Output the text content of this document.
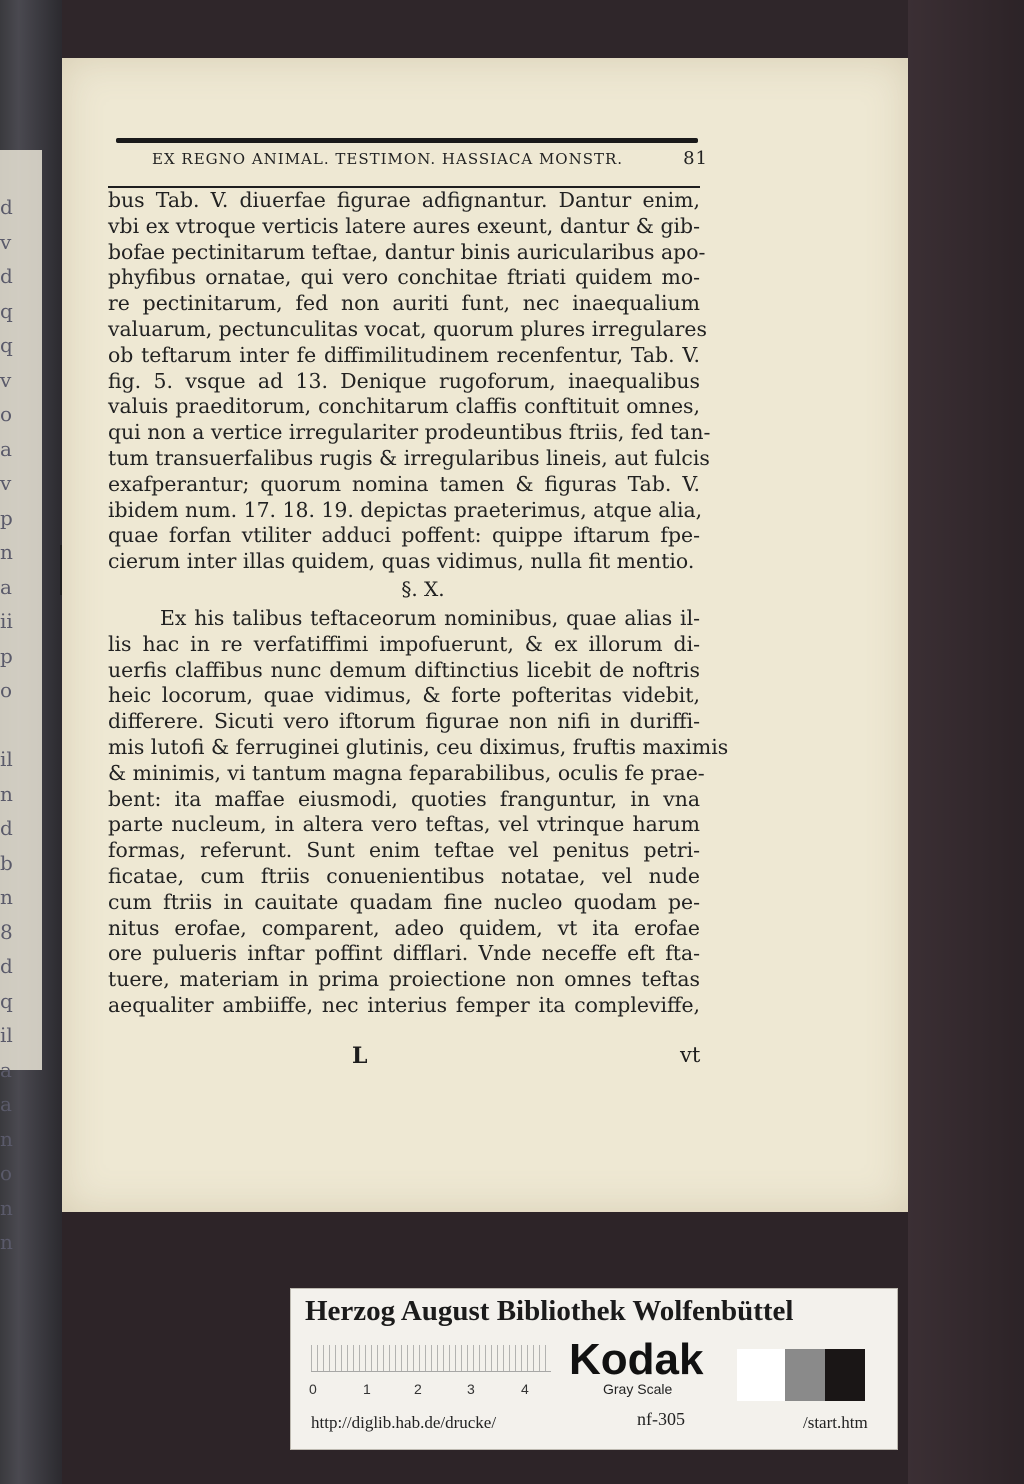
d
v
d
q
q
v
o
a
v
p
n
a
ii
p
o
il
n
d
b
n
8
d
q
il
a
a
n
o
n
n
EX REGNO ANIMAL. TESTIMON. HASSIACA MONSTR.	81
bus Tab. V. diuerfae figurae adfignantur. Dantur enim,
vbi ex vtroque verticis latere aures exeunt, dantur & gib-
bofae pectinitarum teftae, dantur binis auricularibus apo-
phyfibus ornatae, qui vero conchitae ftriati quidem mo-
re pectinitarum, fed non auriti funt, nec inaequalium
valuarum, pectunculitas vocat, quorum plures irregulares
ob teftarum inter fe diffimilitudinem recenfentur, Tab. V.
fig. 5. vsque ad 13. Denique rugoforum, inaequalibus
valuis praeditorum, conchitarum claffis conftituit omnes,
qui non a vertice irregulariter prodeuntibus ftriis, fed tan-
tum transuerfalibus rugis & irregularibus lineis, aut fulcis
exafperantur; quorum nomina tamen & figuras Tab. V.
ibidem num. 17. 18. 19. depictas praeterimus, atque alia,
quae forfan vtiliter adduci poffent: quippe iftarum fpe-
cierum inter illas quidem, quas vidimus, nulla fit mentio.
§. X.
Ex his talibus teftaceorum nominibus, quae alias il-
lis hac in re verfatiffimi impofuerunt, & ex illorum di-
uerfis claffibus nunc demum diftinctius licebit de noftris
heic locorum, quae vidimus, & forte pofteritas videbit,
differere. Sicuti vero iftorum figurae non nifi in duriffi-
mis lutofi & ferruginei glutinis, ceu diximus, fruftis maximis
& minimis, vi tantum magna feparabilibus, oculis fe prae-
bent: ita maffae eiusmodi, quoties franguntur, in vna
parte nucleum, in altera vero teftas, vel vtrinque harum
formas, referunt. Sunt enim teftae vel penitus petri-
ficatae, cum ftriis conuenientibus notatae, vel nude
cum ftriis in cauitate quadam fine nucleo quodam pe-
nitus erofae, comparent, adeo quidem, vt ita erofae
ore pulueris inftar poffint difflari. Vnde neceffe eft fta-
tuere, materiam in prima proiectione non omnes teftas
aequaliter ambiiffe, nec interius femper ita compleviffe,
L	vt
Herzog August Bibliothek Wolfenbüttel
0	1	2	3	4
Kodak
Gray Scale
http://diglib.hab.de/drucke/	nf-305	/start.htm
